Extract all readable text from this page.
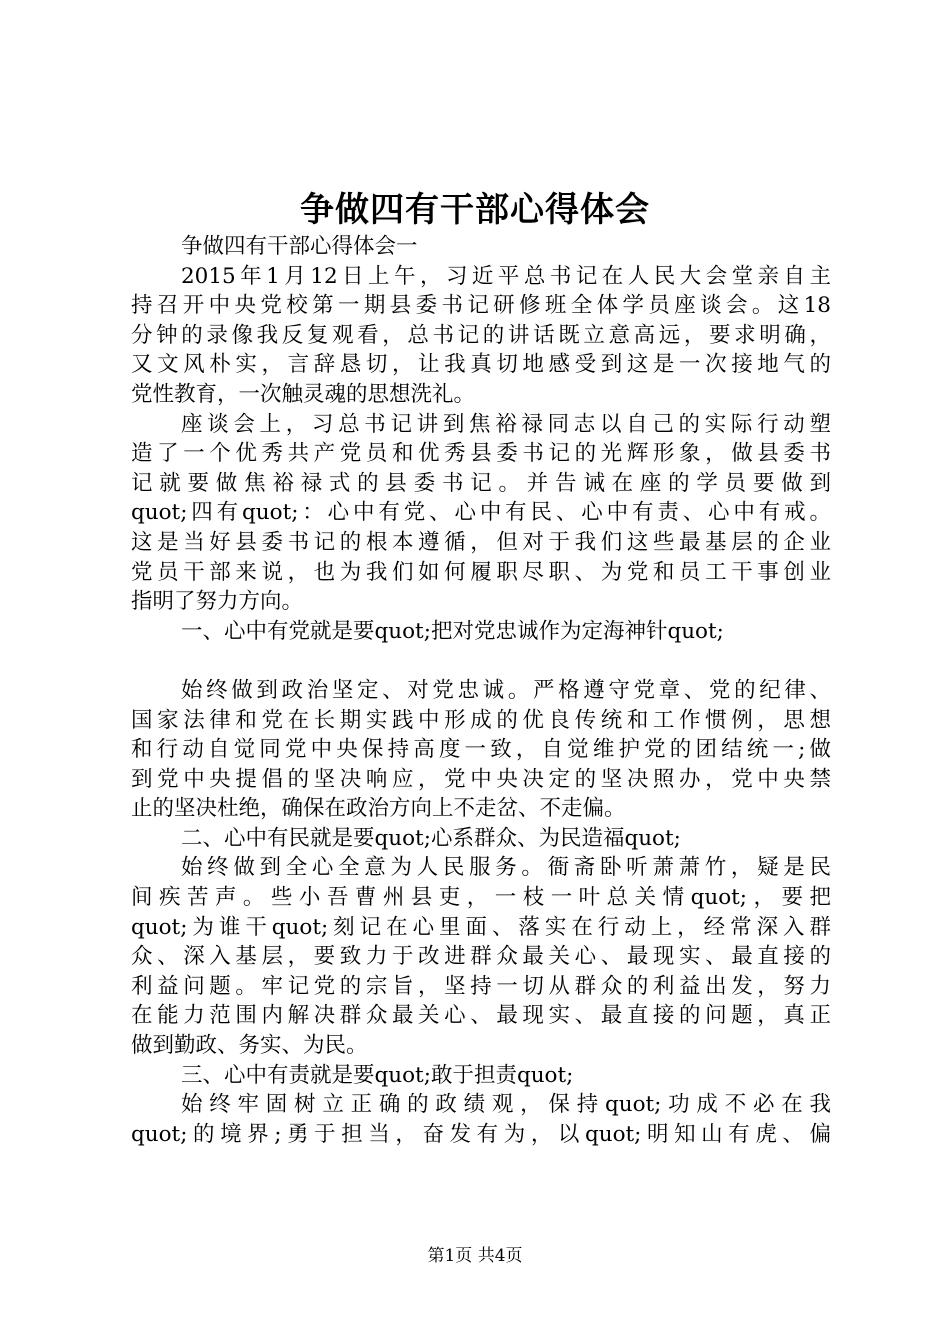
争做四有干部心得体会
争做四有干部心得体会一
2015年1月12日上午，习近平总书记在人民大会堂亲自主
持召开中央党校第一期县委书记研修班全体学员座谈会。这18
分钟的录像我反复观看，总书记的讲话既立意高远，要求明确，
又文风朴实，言辞恳切，让我真切地感受到这是一次接地气的
党性教育，一次触灵魂的思想洗礼。
座谈会上，习总书记讲到焦裕禄同志以自己的实际行动塑
造了一个优秀共产党员和优秀县委书记的光辉形象，做县委书
记就要做焦裕禄式的县委书记。并告诫在座的学员要做到
quot;四有quot;：心中有党、心中有民、心中有责、心中有戒。
这是当好县委书记的根本遵循，但对于我们这些最基层的企业
党员干部来说，也为我们如何履职尽职、为党和员工干事创业
指明了努力方向。
一、心中有党就是要quot;把对党忠诚作为定海神针quot;
始终做到政治坚定、对党忠诚。严格遵守党章、党的纪律、
国家法律和党在长期实践中形成的优良传统和工作惯例，思想
和行动自觉同党中央保持高度一致，自觉维护党的团结统一;做
到党中央提倡的坚决响应，党中央决定的坚决照办，党中央禁
止的坚决杜绝，确保在政治方向上不走岔、不走偏。
二、心中有民就是要quot;心系群众、为民造福quot;
始终做到全心全意为人民服务。衙斋卧听萧萧竹，疑是民
间疾苦声。些小吾曹州县吏，一枝一叶总关情quot;，要把
quot;为谁干quot;刻记在心里面、落实在行动上，经常深入群
众、深入基层，要致力于改进群众最关心、最现实、最直接的
利益问题。牢记党的宗旨，坚持一切从群众的利益出发，努力
在能力范围内解决群众最关心、最现实、最直接的问题，真正
做到勤政、务实、为民。
三、心中有责就是要quot;敢于担责quot;
始终牢固树立正确的政绩观，保持quot;功成不必在我
quot;的境界;勇于担当，奋发有为，以quot;明知山有虎、偏
第1页 共4页
